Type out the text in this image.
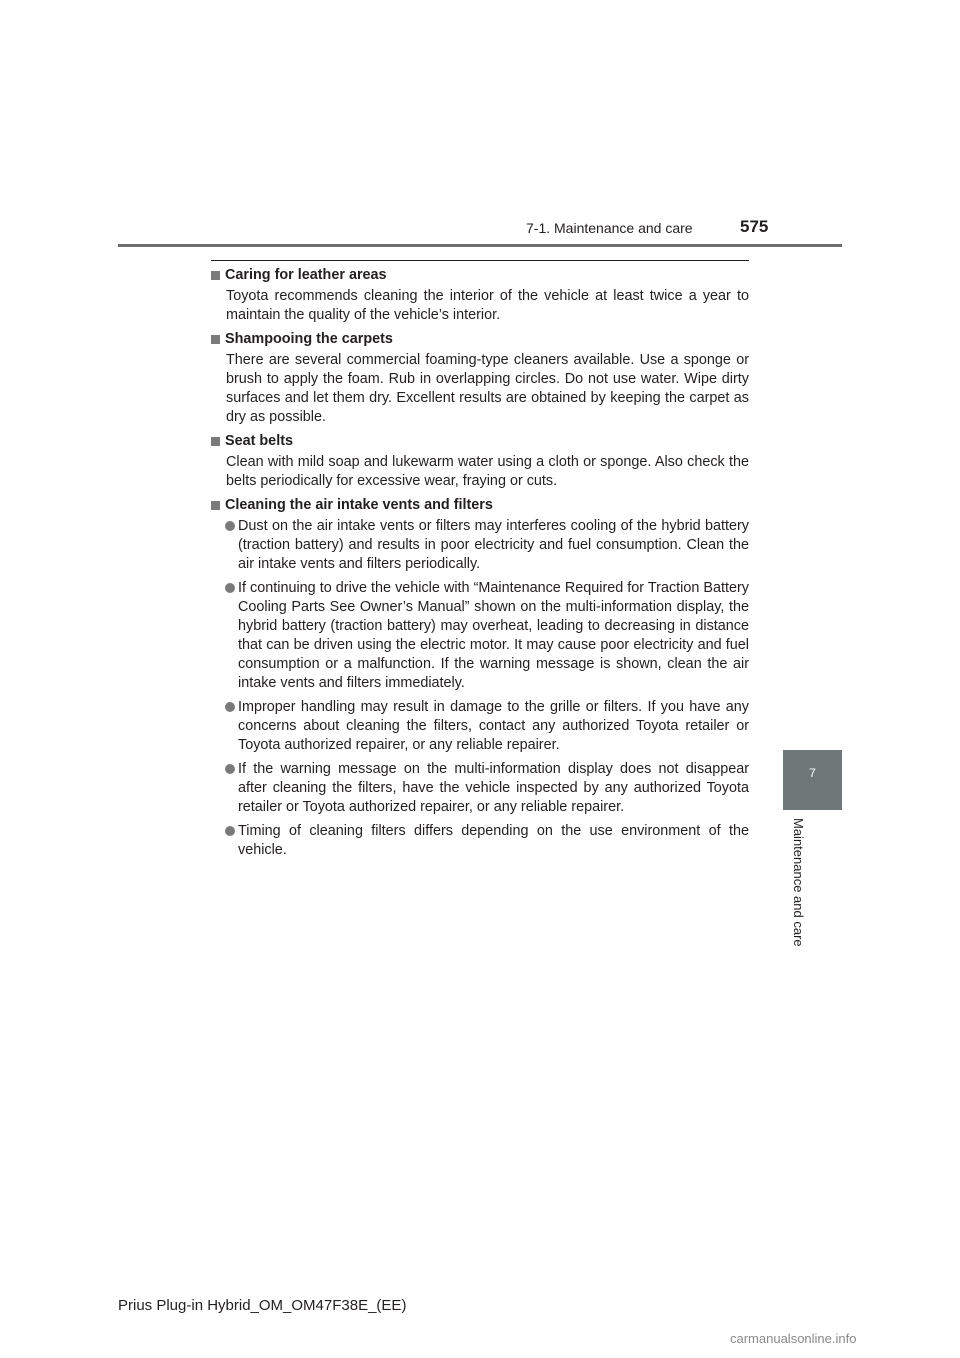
7-1. Maintenance and care	575
7
Maintenance and care
Caring for leather areas
Toyota recommends cleaning the interior of the vehicle at least twice a year to maintain the quality of the vehicle’s interior.
Shampooing the carpets
There are several commercial foaming-type cleaners available. Use a sponge or brush to apply the foam. Rub in overlapping circles. Do not use water. Wipe dirty surfaces and let them dry. Excellent results are obtained by keeping the carpet as dry as possible.
Seat belts
Clean with mild soap and lukewarm water using a cloth or sponge. Also check the belts periodically for excessive wear, fraying or cuts.
Cleaning the air intake vents and filters
Dust on the air intake vents or filters may interferes cooling of the hybrid battery (traction battery) and results in poor electricity and fuel consumption. Clean the air intake vents and filters periodically.
If continuing to drive the vehicle with “Maintenance Required for Traction Battery Cooling Parts See Owner’s Manual” shown on the multi-information display, the hybrid battery (traction battery) may overheat, leading to decreasing in distance that can be driven using the electric motor. It may cause poor electricity and fuel consumption or a malfunction. If the warning message is shown, clean the air intake vents and filters immediately.
Improper handling may result in damage to the grille or filters. If you have any concerns about cleaning the filters, contact any authorized Toyota retailer or Toyota authorized repairer, or any reliable repairer.
If the warning message on the multi-information display does not disappear after cleaning the filters, have the vehicle inspected by any authorized Toyota retailer or Toyota authorized repairer, or any reliable repairer.
Timing of cleaning filters differs depending on the use environment of the vehicle.
Prius Plug-in Hybrid_OM_OM47F38E_(EE)
carmanualsonline.info
